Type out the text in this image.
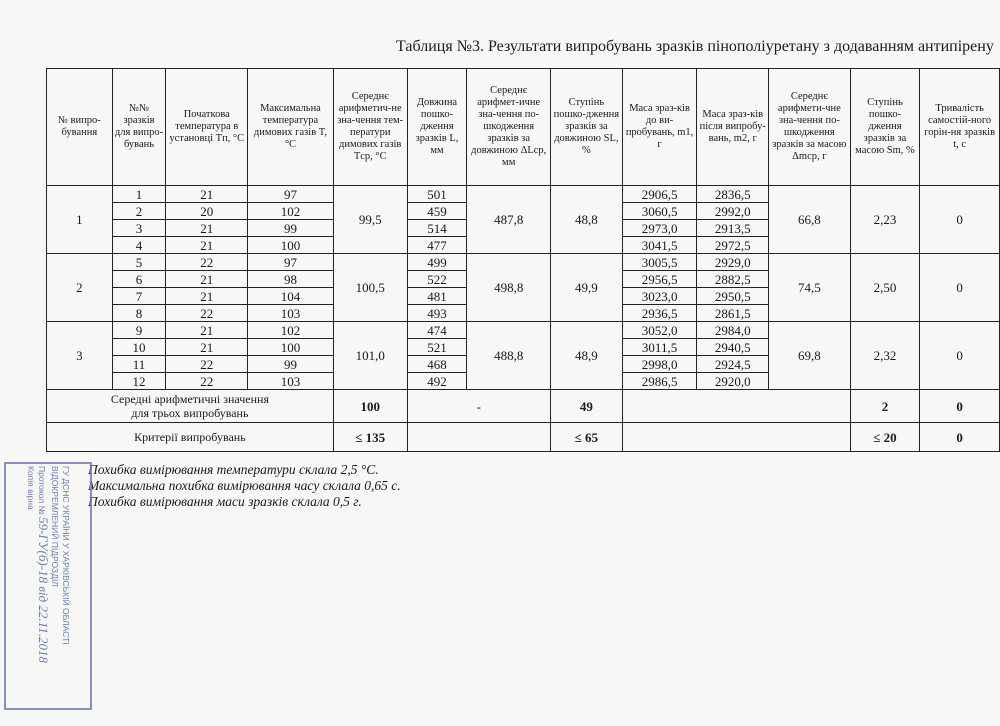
Таблиця №3. Результати випробувань зразків пінополіуретану з додаванням антипірену
№ випро-бування	№№ зразків для випро-бувань	Початкова температура в установці Tп, °C	Максимальна температура димових газів T, °C	Середнє арифметич-не зна-чення тем-ператури димових газів Tср, °C	Довжина пошко-дження зразків L, мм	Середнє арифмет-ичне зна-чення по-шкодження зразків за довжиною ΔLср, мм	Ступінь пошко-дження зразків за довжиною SL, %	Маса зраз-ків до ви-пробувань, m1, г	Маса зраз-ків після випробу-вань, m2, г	Середнє арифмети-чне зна-чення по-шкодження зразків за масою Δmср, г	Ступінь пошко-дження зразків за масою Sm, %	Тривалість самостій-ного горін-ня зразків t, c
1	1	21	97	99,5	501	487,8	48,8	2906,5	2836,5	66,8	2,23	0
	2	20	102		459			3060,5	2992,0			
	3	21	99		514			2973,0	2913,5			
	4	21	100		477			3041,5	2972,5			
2	5	22	97	100,5	499	498,8	49,9	3005,5	2929,0	74,5	2,50	0
	6	21	98		522			2956,5	2882,5			
	7	21	104		481			3023,0	2950,5			
	8	22	103		493			2936,5	2861,5			
3	9	21	102	101,0	474	488,8	48,9	3052,0	2984,0	69,8	2,32	0
	10	21	100		521			3011,5	2940,5			
	11	22	99		468			2998,0	2924,5			
	12	22	103		492			2986,5	2920,0			
Середні арифметичні значення
для трьох випробувань				100	-		49				2	0
Критерії випробувань				≤ 135			≤ 65				≤ 20	0
Похибка вимірювання температури склала 2,5 °С.
Максимальна похибка вимірювання часу склала 0,65 с.
Похибка вимірювання маси зразків склала 0,5 г.
ГУ ДСНС УКРАЇНИ У ХАРКІВСЬКІЙ ОБЛАСТІ
ВІДОКРЕМЛЕНИЙ ПІДРОЗДІЛ
Протокол № 59-ГУ(б)-18 від 22.11.2018
Копія вірна
